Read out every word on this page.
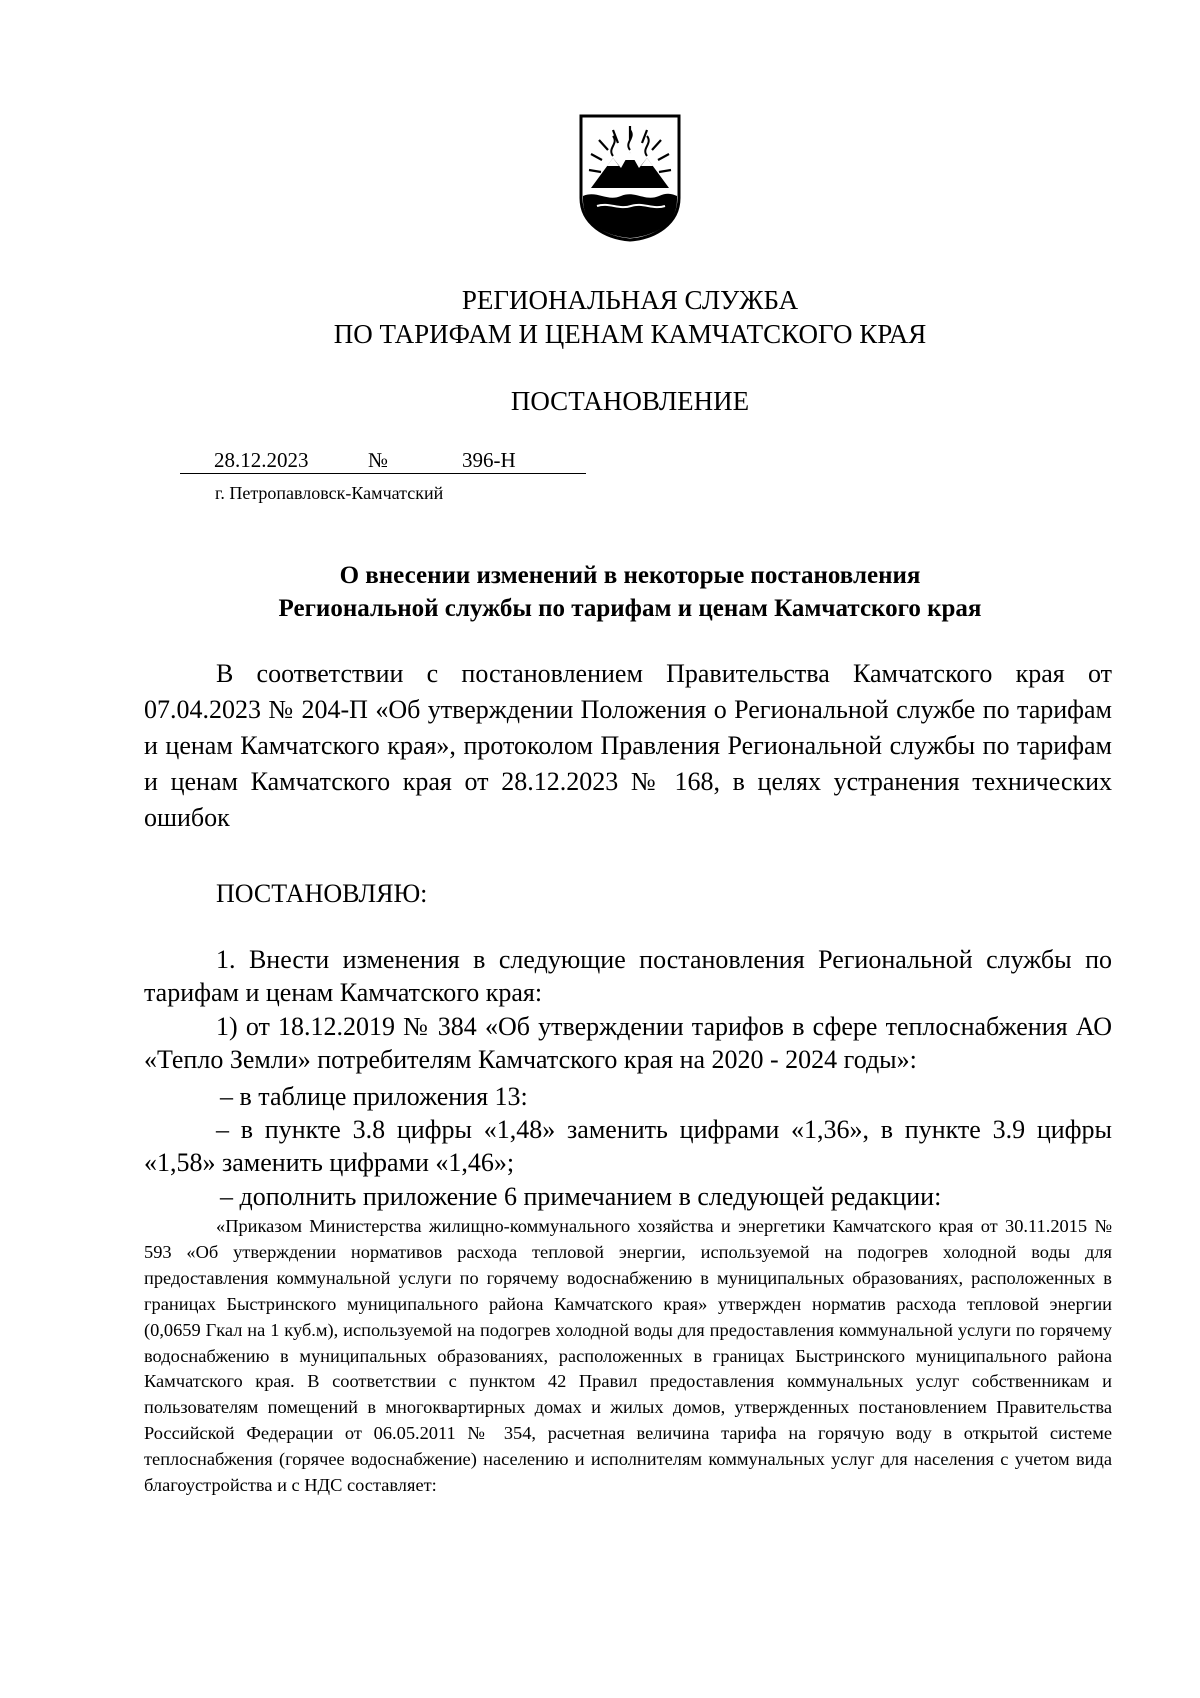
РЕГИОНАЛЬНАЯ СЛУЖБА
ПО ТАРИФАМ И ЦЕНАМ КАМЧАТСКОГО КРАЯ
ПОСТАНОВЛЕНИЕ
28.12.2023	№	396-Н
г. Петропавловск-Камчатский
О внесении изменений в некоторые постановления
Региональной службы по тарифам и ценам Камчатского края
В соответствии с постановлением Правительства Камчатского края от 07.04.2023 № 204-П «Об утверждении Положения о Региональной службе по тарифам и ценам Камчатского края», протоколом Правления Региональной службы по тарифам и ценам Камчатского края от 28.12.2023 № 168, в целях устранения технических ошибок
ПОСТАНОВЛЯЮ:
1. Внести изменения в следующие постановления Региональной службы по тарифам и ценам Камчатского края:
1) от 18.12.2019 № 384 «Об утверждении тарифов в сфере теплоснабжения АО «Тепло Земли» потребителям Камчатского края на 2020 - 2024 годы»:
– в таблице приложения 13:
– в пункте 3.8 цифры «1,48» заменить цифрами «1,36», в пункте 3.9 цифры «1,58» заменить цифрами «1,46»;
– дополнить приложение 6 примечанием в следующей редакции:
«Приказом Министерства жилищно-коммунального хозяйства и энергетики Камчатского края от 30.11.2015 № 593 «Об утверждении нормативов расхода тепловой энергии, используемой на подогрев холодной воды для предоставления коммунальной услуги по горячему водоснабжению в муниципальных образованиях, расположенных в границах Быстринского муниципального района Камчатского края» утвержден норматив расхода тепловой энергии (0,0659 Гкал на 1 куб.м), используемой на подогрев холодной воды для предоставления коммунальной услуги по горячему водоснабжению в муниципальных образованиях, расположенных в границах Быстринского муниципального района Камчатского края. В соответствии с пунктом 42 Правил предоставления коммунальных услуг собственникам и пользователям помещений в многоквартирных домах и жилых домов, утвержденных постановлением Правительства Российской Федерации от 06.05.2011 № 354, расчетная величина тарифа на горячую воду в открытой системе теплоснабжения (горячее водоснабжение) населению и исполнителям коммунальных услуг для населения с учетом вида благоустройства и с НДС составляет:
